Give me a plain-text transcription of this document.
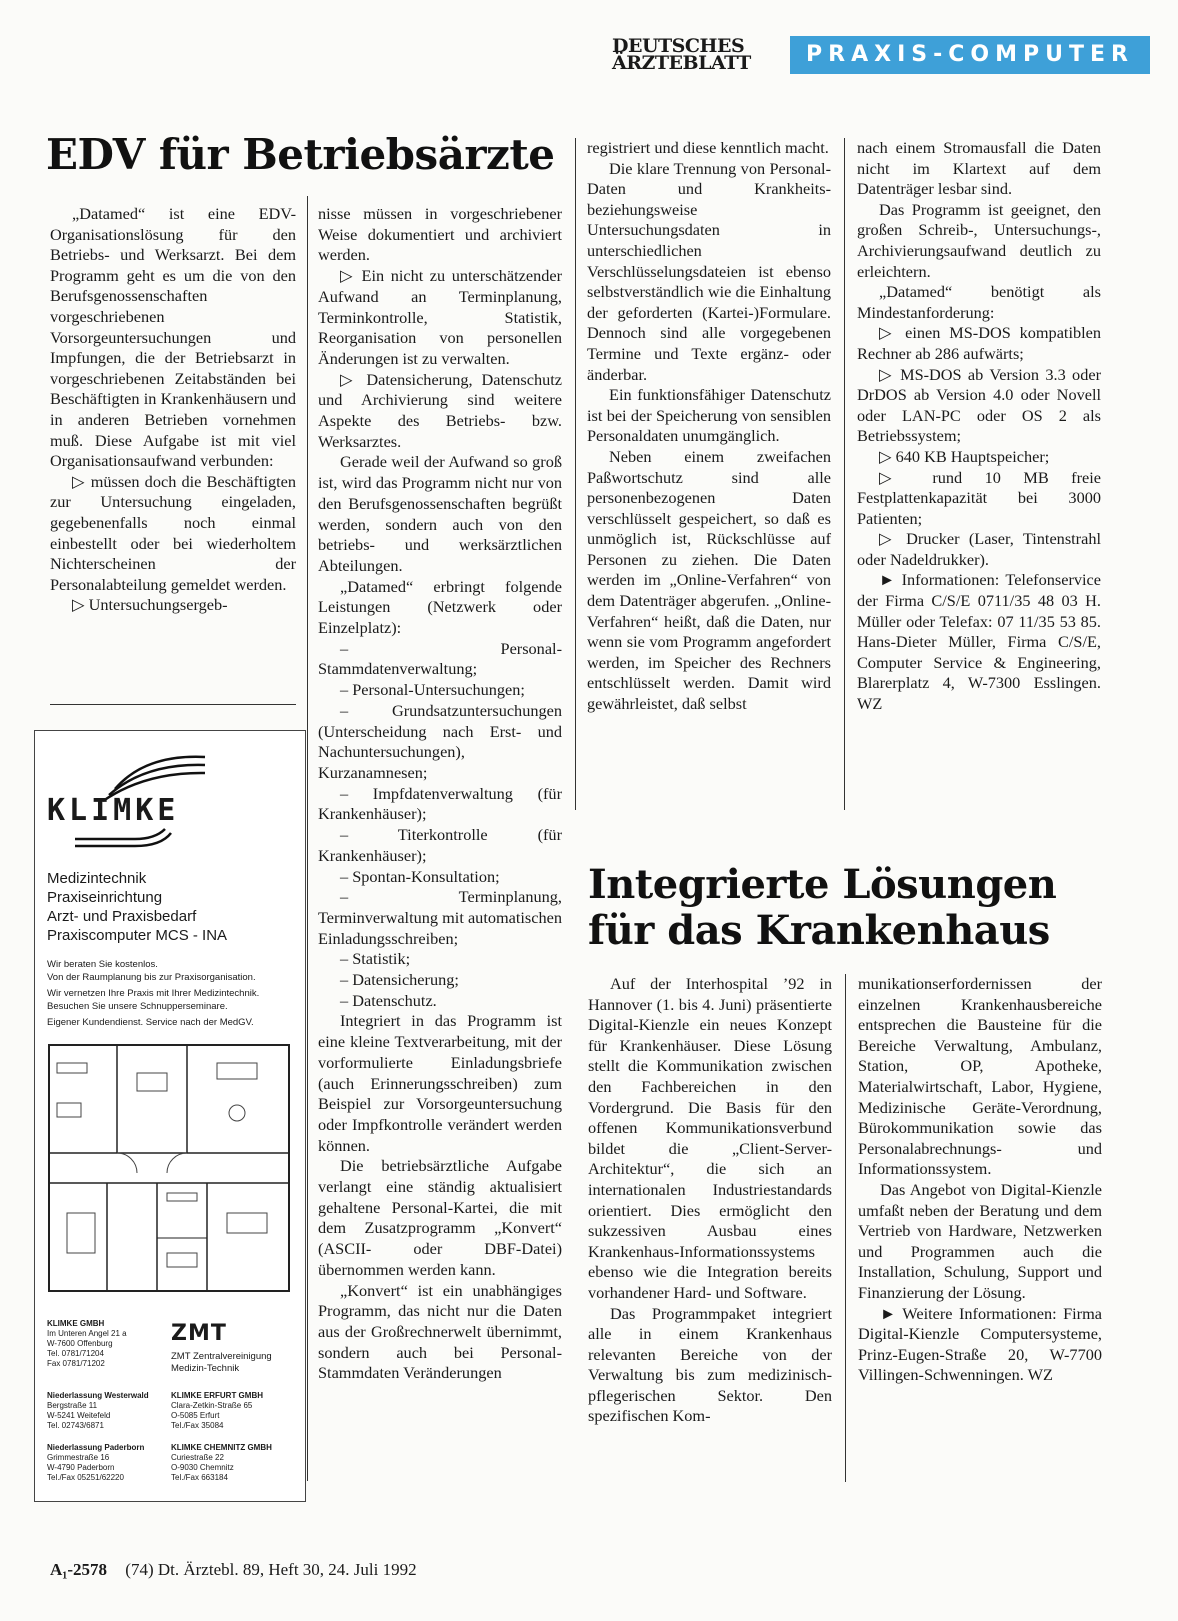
DEUTSCHES
ÄRZTEBLATT	PRAXIS-COMPUTER
EDV für Betriebsärzte

„Datamed“ ist eine EDV-Organisationslösung für den Betriebs- und Werksarzt. Bei dem Programm geht es um die von den Berufsgenossenschaften vorgeschriebenen Vorsorgeuntersuchungen und Impfungen, die der Betriebsarzt in vorgeschriebenen Zeitabständen bei Beschäftigten in Krankenhäusern und in anderen Betrieben vornehmen muß. Diese Aufgabe ist mit viel Organisationsaufwand verbunden:

▷ müssen doch die Beschäftigten zur Untersuchung eingeladen, gegebenenfalls noch einmal einbestellt oder bei wiederholtem Nichterscheinen der Personalabteilung gemeldet werden.

▷ Untersuchungsergeb-

nisse müssen in vorgeschriebener Weise dokumentiert und archiviert werden.

▷ Ein nicht zu unterschätzender Aufwand an Terminplanung, Terminkontrolle, Statistik, Reorganisation von personellen Änderungen ist zu verwalten.

▷ Datensicherung, Datenschutz und Archivierung sind weitere Aspekte des Betriebs- bzw. Werksarztes.

Gerade weil der Aufwand so groß ist, wird das Programm nicht nur von den Berufsgenossenschaften begrüßt werden, sondern auch von den betriebs- und werksärztlichen Abteilungen.

„Datamed“ erbringt folgende Leistungen (Netzwerk oder Einzelplatz):

– Personal-Stammdatenverwaltung;

– Personal-Untersuchungen;

– Grundsatzuntersuchungen (Unterscheidung nach Erst- und Nachuntersuchungen), Kurzanamnesen;

– Impfdatenverwaltung (für Krankenhäuser);

– Titerkontrolle (für Krankenhäuser);

– Spontan-Konsultation;

– Terminplanung, Terminverwaltung mit automatischen Einladungsschreiben;

– Statistik;

– Datensicherung;

– Datenschutz.

Integriert in das Programm ist eine kleine Textverarbeitung, mit der vorformulierte Einladungsbriefe (auch Erinnerungsschreiben) zum Beispiel zur Vorsorgeuntersuchung oder Impfkontrolle verändert werden können.

Die betriebsärztliche Aufgabe verlangt eine ständig aktualisiert gehaltene Personal-Kartei, die mit dem Zusatzprogramm „Konvert“ (ASCII- oder DBF-Datei) übernommen werden kann.

„Konvert“ ist ein unabhängiges Programm, das nicht nur die Daten aus der Großrechnerwelt übernimmt, sondern auch bei Personal-Stammdaten Veränderungen

registriert und diese kenntlich macht.

Die klare Trennung von Personal-Daten und Krankheits- beziehungsweise Untersuchungsdaten in unterschiedlichen Verschlüsselungsdateien ist ebenso selbstverständlich wie die Einhaltung der geforderten (Kartei-)Formulare. Dennoch sind alle vorgegebenen Termine und Texte ergänz- oder änderbar.

Ein funktionsfähiger Datenschutz ist bei der Speicherung von sensiblen Personaldaten unumgänglich.

Neben einem zweifachen Paßwortschutz sind alle personenbezogenen Daten verschlüsselt gespeichert, so daß es unmöglich ist, Rückschlüsse auf Personen zu ziehen. Die Daten werden im „Online-Verfahren“ von dem Datenträger abgerufen. „Online-Verfahren“ heißt, daß die Daten, nur wenn sie vom Programm angefordert werden, im Speicher des Rechners entschlüsselt werden. Damit wird gewährleistet, daß selbst

nach einem Stromausfall die Daten nicht im Klartext auf dem Datenträger lesbar sind.

Das Programm ist geeignet, den großen Schreib-, Untersuchungs-, Archivierungsaufwand deutlich zu erleichtern.

„Datamed“ benötigt als Mindestanforderung:

▷ einen MS-DOS kompatiblen Rechner ab 286 aufwärts;

▷ MS-DOS ab Version 3.3 oder DrDOS ab Version 4.0 oder Novell oder LAN-PC oder OS 2 als Betriebssystem;

▷ 640 KB Hauptspeicher;

▷ rund 10 MB freie Festplattenkapazität bei 3000 Patienten;

▷ Drucker (Laser, Tintenstrahl oder Nadeldrukker).

► Informationen: Telefonservice der Firma C/S/E 0711/35 48 03 H. Müller oder Telefax: 07 11/35 53 85. Hans-Dieter Müller, Firma C/S/E, Computer Service & Engineering, Blarerplatz 4, W-7300 Esslingen. WZ

Integrierte Lösungen
für das Krankenhaus

Auf der Interhospital ’92 in Hannover (1. bis 4. Juni) präsentierte Digital-Kienzle ein neues Konzept für Krankenhäuser. Diese Lösung stellt die Kommunikation zwischen den Fachbereichen in den Vordergrund. Die Basis für den offenen Kommunikationsverbund bildet die „Client-Server-Architektur“, die sich an internationalen Industriestandards orientiert. Dies ermöglicht den sukzessiven Ausbau eines Krankenhaus-Informationssystems ebenso wie die Integration bereits vorhandener Hard- und Software.

Das Programmpaket integriert alle in einem Krankenhaus relevanten Bereiche von der Verwaltung bis zum medizinisch-pflegerischen Sektor. Den spezifischen Kom-

munikationserfordernissen der einzelnen Krankenhausbereiche entsprechen die Bausteine für die Bereiche Verwaltung, Ambulanz, Station, OP, Apotheke, Materialwirtschaft, Labor, Hygiene, Medizinische Geräte-Verordnung, Bürokommunikation sowie das Personalabrechnungs- und Informationssystem.

Das Angebot von Digital-Kienzle umfaßt neben der Beratung und dem Vertrieb von Hardware, Netzwerken und Programmen auch die Installation, Schulung, Support und Finanzierung der Lösung.

► Weitere Informationen: Firma Digital-Kienzle Computersysteme, Prinz-Eugen-Straße 20, W-7700 Villingen-Schwenningen. WZ

KLIMKE
Medizintechnik
Praxiseinrichtung
Arzt- und Praxisbedarf
Praxiscomputer MCS - INA
Wir beraten Sie kostenlos.
Von der Raumplanung bis zur Praxisorganisation.
Wir vernetzen Ihre Praxis mit Ihrer Medizintechnik.
Besuchen Sie unsere Schnupperseminare.
Eigener Kundendienst. Service nach der MedGV.
KLIMKE GMBH
Im Unteren Angel 21 a
W-7600 Offenburg
Tel. 0781/71204
Fax 0781/71202
ZMT
ZMT Zentralvereinigung
Medizin-Technik
Niederlassung Westerwald
Bergstraße 11
W-5241 Weitefeld
Tel. 02743/6871
KLIMKE ERFURT GMBH
Clara-Zetkin-Straße 65
O-5085 Erfurt
Tel./Fax 35084
Niederlassung Paderborn
Grimmestraße 16
W-4790 Paderborn
Tel./Fax 05251/62220
KLIMKE CHEMNITZ GMBH
Curiestraße 22
O-9030 Chemnitz
Tel./Fax 663184
A₁-2578 (74) Dt. Ärztebl. 89, Heft 30, 24. Juli 1992
